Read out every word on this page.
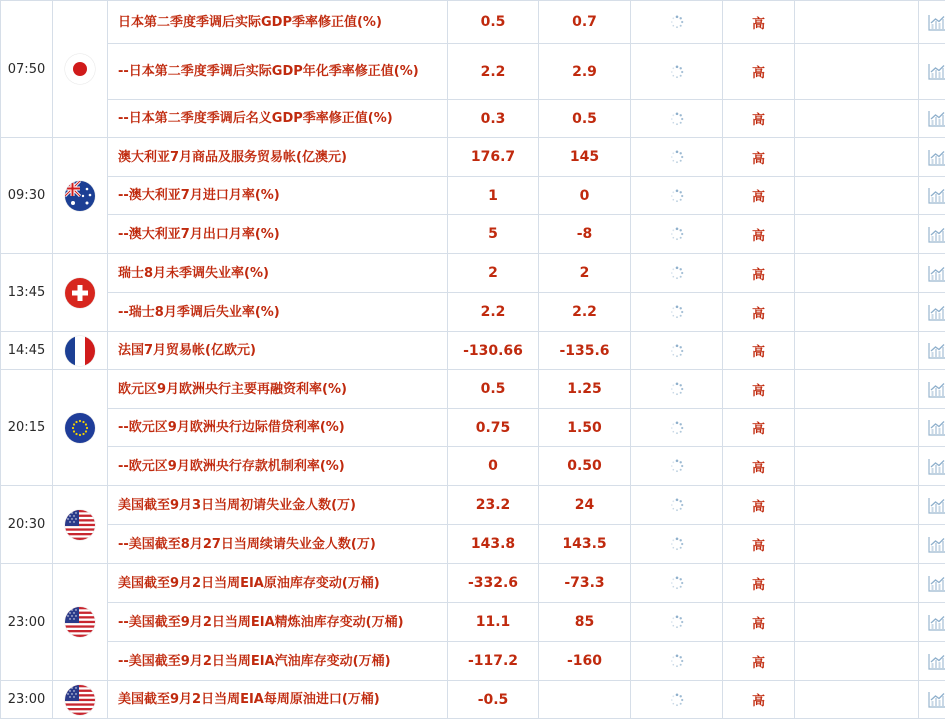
07:50		日本第二季度季调后实际GDP季率修正值(%)	0.5	0.7		高		
		--日本第二季度季调后实际GDP年化季率修正值(%)	2.2	2.9		高		
		--日本第二季度季调后名义GDP季率修正值(%)	0.3	0.5		高		
09:30		澳大利亚7月商品及服务贸易帐(亿澳元)	176.7	145		高		
		--澳大利亚7月进口月率(%)	1	0		高		
		--澳大利亚7月出口月率(%)	5	-8		高		
13:45		瑞士8月未季调失业率(%)	2	2		高		
		--瑞士8月季调后失业率(%)	2.2	2.2		高		
14:45		法国7月贸易帐(亿欧元)	-130.66	-135.6		高		
20:15		欧元区9月欧洲央行主要再融资利率(%)	0.5	1.25		高		
		--欧元区9月欧洲央行边际借贷利率(%)	0.75	1.50		高		
		--欧元区9月欧洲央行存款机制利率(%)	0	0.50		高		
20:30		美国截至9月3日当周初请失业金人数(万)	23.2	24		高		
		--美国截至8月27日当周续请失业金人数(万)	143.8	143.5		高		
23:00		美国截至9月2日当周EIA原油库存变动(万桶)	-332.6	-73.3		高		
		--美国截至9月2日当周EIA精炼油库存变动(万桶)	11.1	85		高		
		--美国截至9月2日当周EIA汽油库存变动(万桶)	-117.2	-160		高		
23:00		美国截至9月2日当周EIA每周原油进口(万桶)	-0.5			高		
